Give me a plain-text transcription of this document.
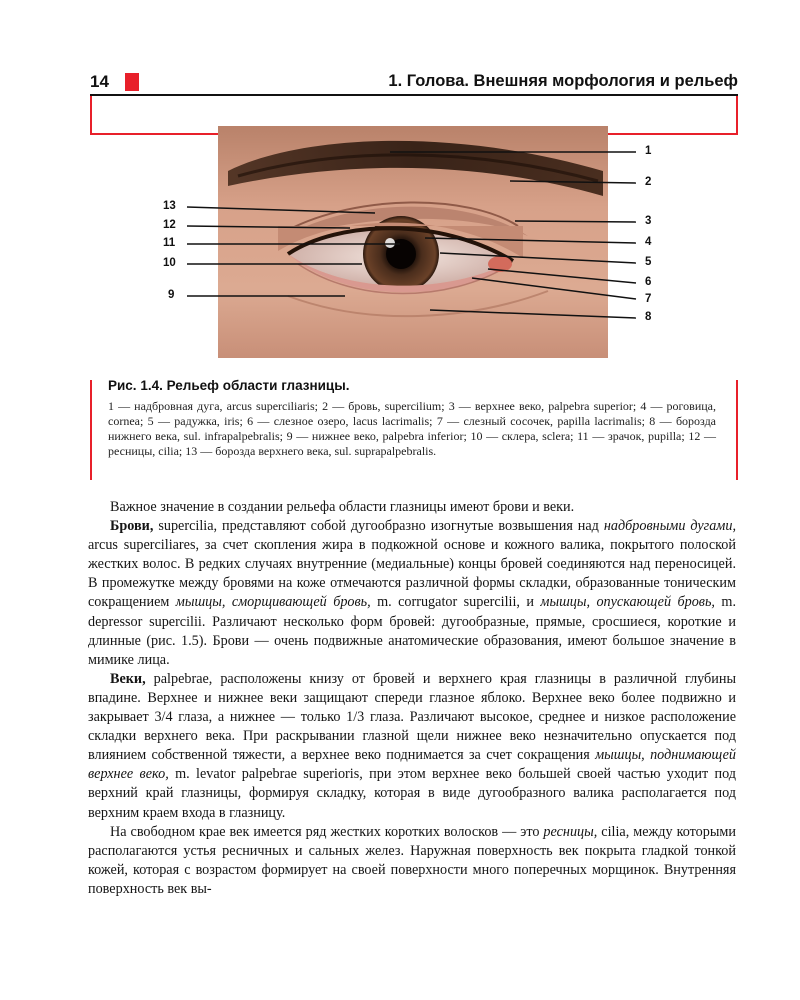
14	1. Голова. Внешняя морфология и рельеф
1
2
3
4
5
6
7
8
9
10
11
12
13
Рис. 1.4. Рельеф области глазницы.
1 — надбровная дуга, arcus superciliaris; 2 — бровь, supercilium; 3 — верхнее веко, palpebra superior; 4 — роговица, cornea; 5 — радужка, iris; 6 — слезное озеро, lacus lacrimalis; 7 — слезный сосочек, papilla lacrimalis; 8 — борозда нижнего века, sul. infrapalpebralis; 9 — нижнее веко, palpebra inferior; 10 — склера, sclera; 11 — зрачок, pupilla; 12 — ресницы, cilia; 13 — борозда верхнего века, sul. suprapalpebralis.

Важное значение в создании рельефа области глазницы имеют брови и веки.

Брови, supercilia, представляют собой дугообразно изогнутые возвышения над надбровными дугами, arcus superciliares, за счет скопления жира в подкожной основе и кожного валика, покрытого полоской жестких волос. В редких случаях внутренние (медиальные) концы бровей соединяются над переносицей. В промежутке между бровями на коже отмечаются различной формы складки, образованные тоническим сокращением мышцы, сморщивающей бровь, m. corrugator supercilii, и мышцы, опускающей бровь, m. depressor supercilii. Различают несколько форм бровей: дугообразные, прямые, сросшиеся, короткие и длинные (рис. 1.5). Брови — очень подвижные анатомические образования, имеют большое значение в мимике лица.

Веки, palpebrae, расположены книзу от бровей и верхнего края глазницы в различной глубины впадине. Верхнее и нижнее веки защищают спереди глазное яблоко. Верхнее веко более подвижно и закрывает 3/4 глаза, а нижнее — только 1/3 глаза. Различают высокое, среднее и низкое расположение складки верхнего века. При раскрывании глазной щели нижнее веко незначительно опускается под влиянием собственной тяжести, а верхнее веко поднимается за счет сокращения мышцы, поднимающей верхнее веко, m. levator palpebrae superioris, при этом верхнее веко большей своей частью уходит под верхний край глазницы, формируя складку, которая в виде дугообразного валика располагается под верхним краем входа в глазницу.

На свободном крае век имеется ряд жестких коротких волосков — это ресницы, cilia, между которыми располагаются устья ресничных и сальных желез. Наружная поверхность век покрыта гладкой тонкой кожей, которая с возрастом формирует на своей поверхности много поперечных морщинок. Внутренняя поверхность век вы-
